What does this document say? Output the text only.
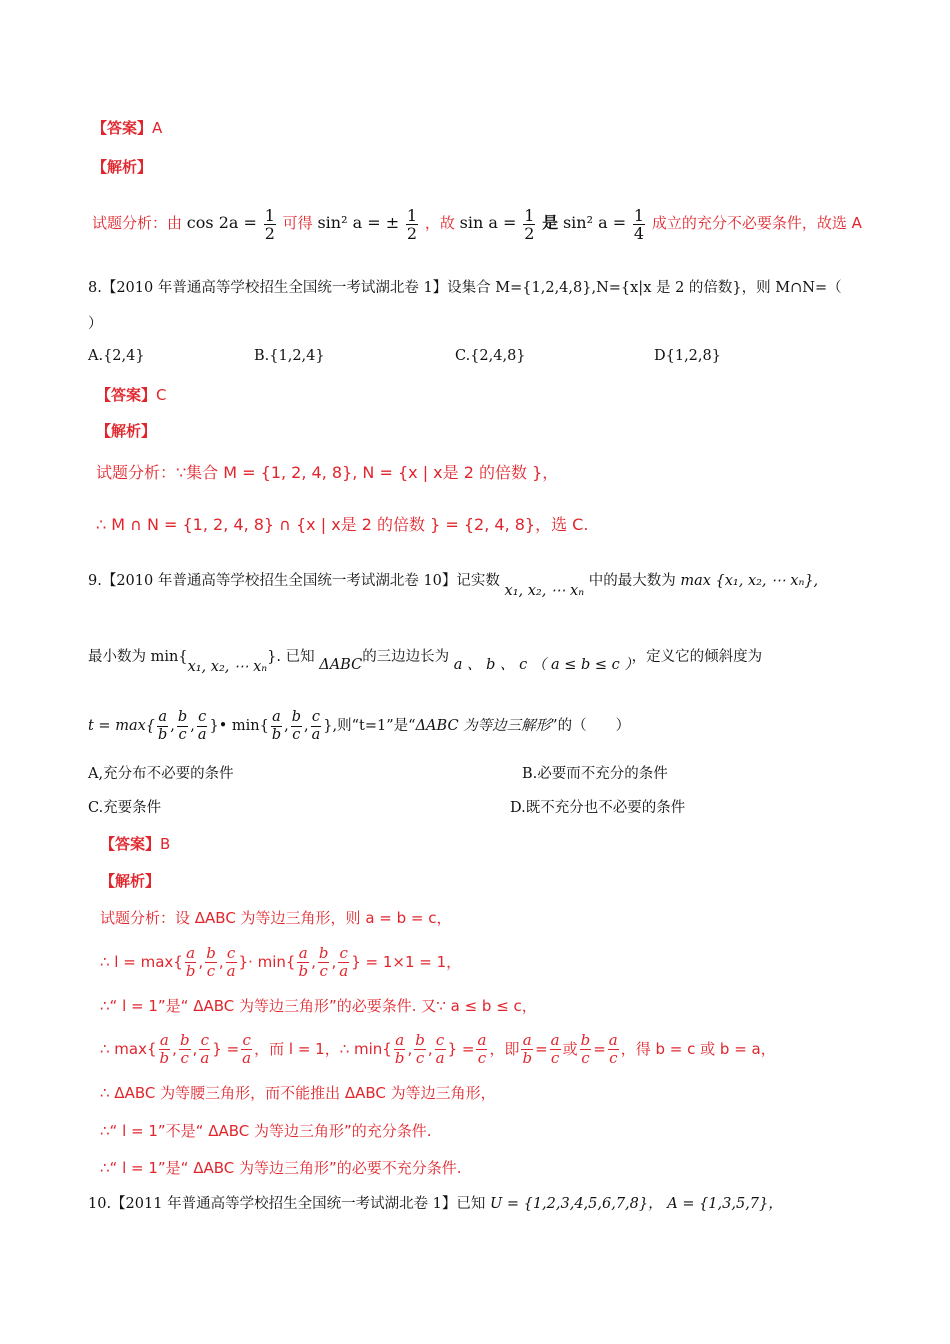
【答案】A
【解析】
试题分析：由 $\cos 2a = \frac{1}{2}$ 可得 sin² a = ± $\frac{1}{2}$ ，故 $\sin a = \frac{1}{2}$ 是 sin² $a = \frac{1}{4}$ 成立的充分不必要条件，故选 A
8.【2010 年普通高等学校招生全国统一考试湖北卷 1】设集合 M={1,2,4,8},N={x|x 是 2 的倍数}，则 M∩N=（
）
A.{2,4}	B.{1,2,4}	C.{2,4,8}	D{1,2,8}
【答案】C
【解析】
试题分析：∵集合 M = {1, 2, 4, 8}, N = {x | x是 2 的倍数 }，
∴ M ∩ N = {1, 2, 4, 8} ∩ {x | x是 2 的倍数 } = {2, 4, 8}，选 C.
9.【2010 年普通高等学校招生全国统一考试湖北卷 10】记实数 x₁, x₂, ⋯ xₙ 中的最大数为 max {x₁, x₂, ⋯ xₙ},
最小数为 min{x₁, x₂, ⋯ xₙ}. 已知 ΔABC的三边边长为 a 、 b 、 c （ a ≤ b ≤ c ），定义它的倾斜度为
$t = \max\{ \frac{a}{b}$ , $\frac{b}{c}$ , $\frac{c}{a}$ }• $\min\{ \frac{a}{b}$ , $\frac{b}{c}$ , $\frac{c}{a}$ },则“t=1”是“ΔABC 为等边三解形”的（　　）
A,充分布不必要的条件	B.必要而不充分的条件
C.充要条件	D.既不充分也不必要的条件
【答案】B
【解析】
试题分析：设 ΔABC 为等边三角形，则 a = b = c，
∴ $l = \max\{ \frac{a}{b}$ , $\frac{b}{c}$ , $\frac{c}{a}$ }· $\min\{ \frac{a}{b}$ , $\frac{b}{c}$ , $\frac{c}{a}$ } = 1×1 = 1，
∴“ l = 1”是“ ΔABC 为等边三角形”的必要条件. 又∵ a ≤ b ≤ c，
∴ $\max\{ \frac{a}{b}$ , $\frac{b}{c}$ , $\frac{c}{a}$ } = $\frac{c}{a}$ ，而 l = 1，∴ $\min\{ \frac{a}{b}$ , $\frac{b}{c}$ , $\frac{c}{a}$ } = $\frac{a}{c}$ ，即 $\frac{a}{b} = \frac{a}{c}$ 或 $\frac{b}{c} = \frac{a}{c}$ ，得 b = c 或 b = a，
∴ ΔABC 为等腰三角形，而不能推出 ΔABC 为等边三角形，
∴“ l = 1”不是“ ΔABC 为等边三角形”的充分条件.
∴“ l = 1”是“ ΔABC 为等边三角形”的必要不充分条件.
10.【2011 年普通高等学校招生全国统一考试湖北卷 1】已知 U = {1,2,3,4,5,6,7,8}， A = {1,3,5,7}，
